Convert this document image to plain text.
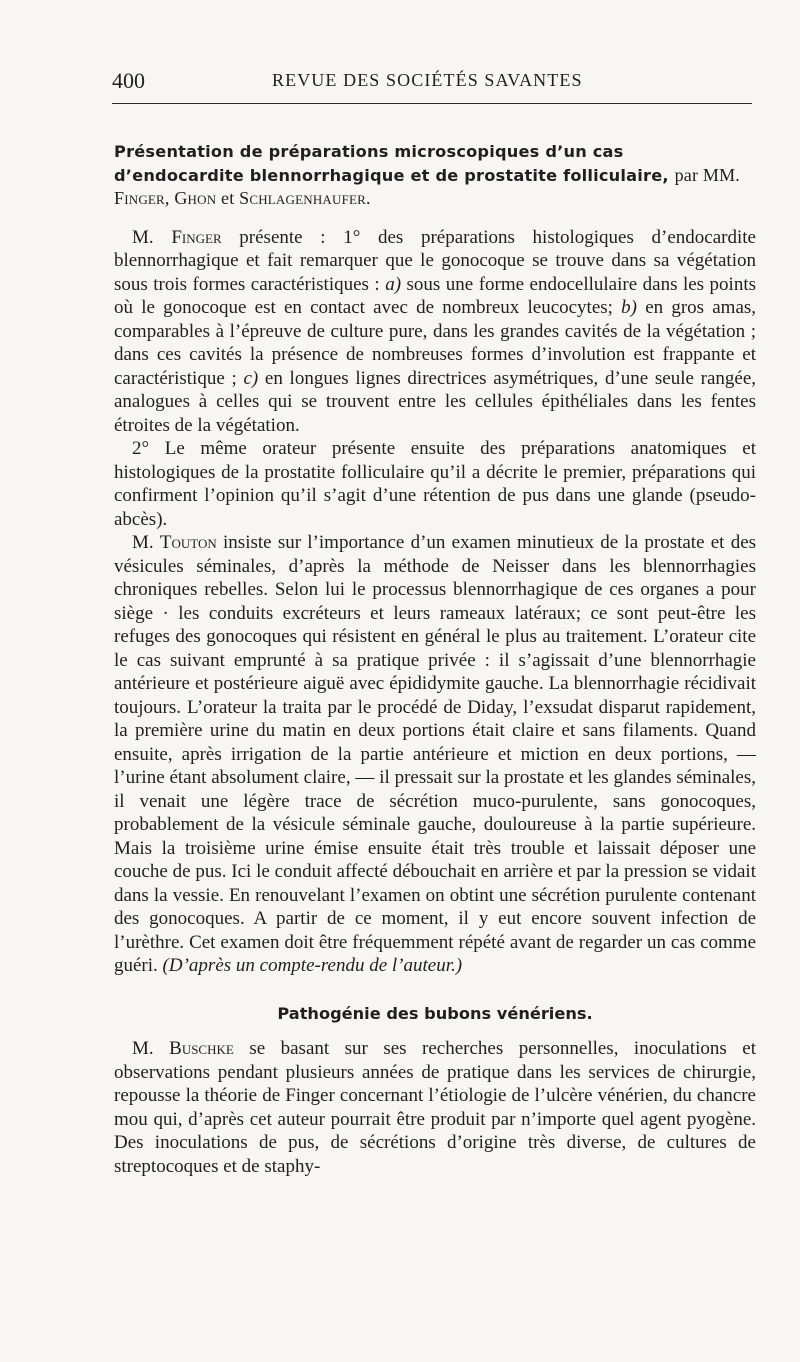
400	REVUE DES SOCIÉTÉS SAVANTES
Présentation de préparations microscopiques d’un cas d’endocardite blennorrhagique et de prostatite folliculaire, par MM. Finger, Ghon et Schlagenhaufer.

M. Finger présente : 1° des préparations histologiques d’endocardite blennorrhagique et fait remarquer que le gonocoque se trouve dans sa végétation sous trois formes caractéristiques : a) sous une forme endocellulaire dans les points où le gonocoque est en contact avec de nombreux leucocytes; b) en gros amas, comparables à l’épreuve de culture pure, dans les grandes cavités de la végétation ; dans ces cavités la présence de nombreuses formes d’involution est frappante et caractéristique ; c) en longues lignes directrices asymétriques, d’une seule rangée, analogues à celles qui se trouvent entre les cellules épithéliales dans les fentes étroites de la végétation.

2° Le même orateur présente ensuite des préparations anatomiques et histologiques de la prostatite folliculaire qu’il a décrite le premier, préparations qui confirment l’opinion qu’il s’agit d’une rétention de pus dans une glande (pseudo-abcès).

M. Touton insiste sur l’importance d’un examen minutieux de la prostate et des vésicules séminales, d’après la méthode de Neisser dans les blennorrhagies chroniques rebelles. Selon lui le processus blennorrhagique de ces organes a pour siège · les conduits excréteurs et leurs rameaux latéraux; ce sont peut-être les refuges des gonocoques qui résistent en général le plus au traitement. L’orateur cite le cas suivant emprunté à sa pratique privée : il s’agissait d’une blennorrhagie antérieure et postérieure aiguë avec épididymite gauche. La blennorrhagie récidivait toujours. L’orateur la traita par le procédé de Diday, l’exsudat disparut rapidement, la première urine du matin en deux portions était claire et sans filaments. Quand ensuite, après irrigation de la partie antérieure et miction en deux portions, — l’urine étant absolument claire, — il pressait sur la prostate et les glandes séminales, il venait une légère trace de sécrétion muco-purulente, sans gonocoques, probablement de la vésicule séminale gauche, douloureuse à la partie supérieure. Mais la troisième urine émise ensuite était très trouble et laissait déposer une couche de pus. Ici le conduit affecté débouchait en arrière et par la pression se vidait dans la vessie. En renouvelant l’examen on obtint une sécrétion purulente contenant des gonocoques. A partir de ce moment, il y eut encore souvent infection de l’urèthre. Cet examen doit être fréquemment répété avant de regarder un cas comme guéri. (D’après un compte-rendu de l’auteur.)

Pathogénie des bubons vénériens.

M. Buschke se basant sur ses recherches personnelles, inoculations et observations pendant plusieurs années de pratique dans les services de chirurgie, repousse la théorie de Finger concernant l’étiologie de l’ulcère vénérien, du chancre mou qui, d’après cet auteur pourrait être produit par n’importe quel agent pyogène. Des inoculations de pus, de sécrétions d’origine très diverse, de cultures de streptocoques et de staphy-
